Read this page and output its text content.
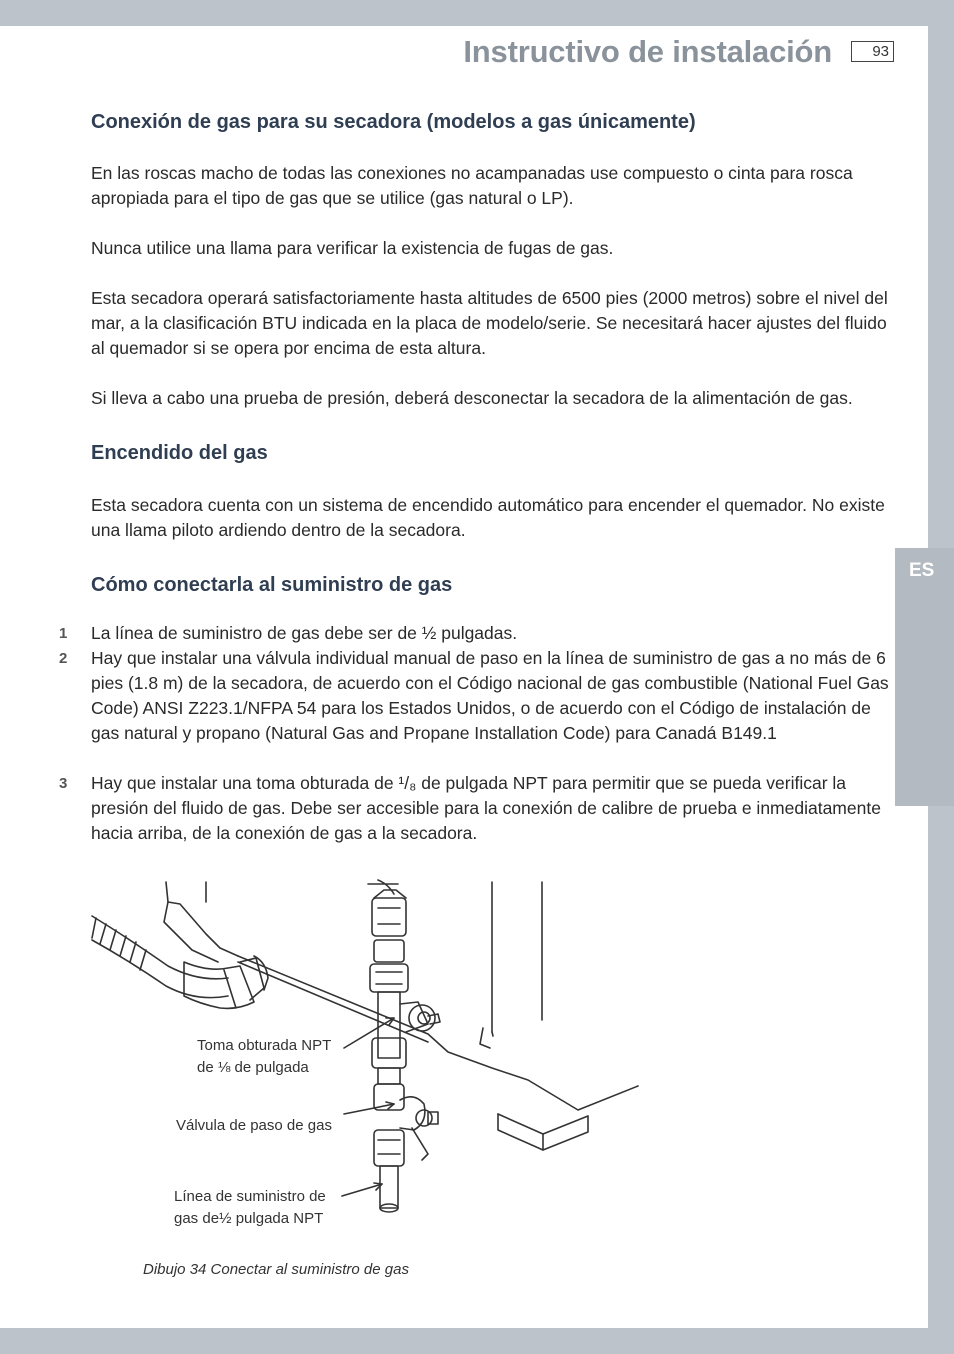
ES
Instructivo de instalación	93
Conexión de gas para su secadora (modelos a gas únicamente)
En las roscas macho de todas las conexiones no acampanadas use compuesto o cinta para rosca apropiada para el tipo de gas que se utilice (gas natural o LP).
Nunca utilice una llama para verificar la existencia de fugas de gas.
Esta secadora operará satisfactoriamente hasta altitudes de 6500 pies (2000 metros) sobre el nivel del mar, a la clasificación BTU indicada en la placa de modelo/serie. Se necesitará hacer ajustes del fluido al quemador si se opera por encima de esta altura.
Si lleva a cabo una prueba de presión, deberá desconectar la secadora de la alimentación de gas.
Encendido del gas
Esta secadora cuenta con un sistema de encendido automático para encender el quemador. No existe una llama piloto ardiendo dentro de la secadora.
Cómo conectarla al suministro de gas
1 La línea de suministro de gas debe ser de ½ pulgadas.
2 Hay que instalar una válvula individual manual de paso en la línea de suministro de gas a no más de 6 pies (1.8 m) de la secadora, de acuerdo con el Código nacional de gas combustible (National Fuel Gas Code) ANSI Z223.1/NFPA 54 para los Estados Unidos, o de acuerdo con el Código de instalación de gas natural y propano (Natural Gas and Propane Installation Code) para Canadá B149.1
3 Hay que instalar una toma obturada de ¹/₈ de pulgada NPT para permitir que se pueda verificar la presión del fluido de gas. Debe ser accesible para la conexión de calibre de prueba e inmediatamente hacia arriba, de la conexión de gas a la secadora.
Toma obturada NPT
de ⅛ de pulgada
Válvula de paso de gas
Línea de suministro de
gas de½ pulgada NPT
Dibujo 34 Conectar al suministro de gas
